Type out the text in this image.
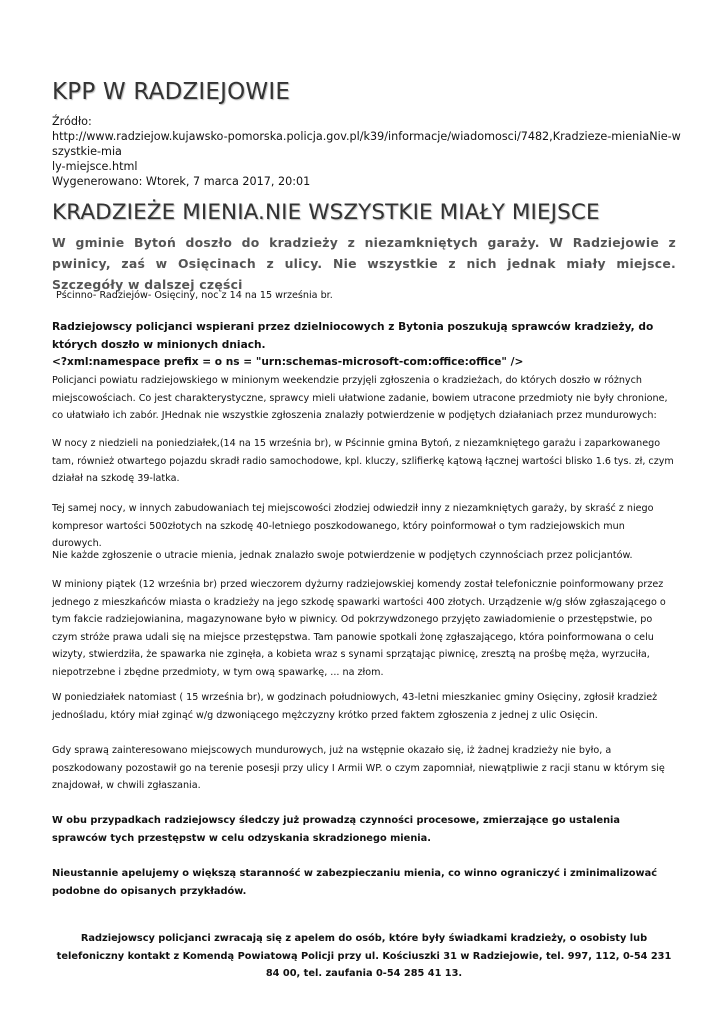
KPP W RADZIEJOWIE
Źródło:
http://www.radziejow.kujawsko-pomorska.policja.gov.pl/k39/informacje/wiadomosci/7482,Kradzieze-mieniaNie-wszystkie-mia
ly-miejsce.html
Wygenerowano: Wtorek, 7 marca 2017, 20:01
KRADZIEŻE MIENIA.NIE WSZYSTKIE MIAŁY MIEJSCE

W gminie Bytoń doszło do kradzieży z niezamkniętych garaży. W Radziejowie z pwinicy, zaś w Osięcinach z ulicy. Nie wszystkie z nich jednak miały miejsce. Szczegóły w dalszej części

Pścinno- Radziejów- Osięciny, noc z 14 na 15 września br.
Radziejowscy policjanci wspierani przez dzielniocowych z Bytonia poszukują sprawców kradzieży, do których doszło w minionych dniach.
<?xml:namespace prefix = o ns = "urn:schemas-microsoft-com:office:office" />

Policjanci powiatu radziejowskiego w minionym weekendzie przyjęli zgłoszenia o kradzieżach, do których doszło w różnych miejscowościach. Co jest charakterystyczne, sprawcy mieli ułatwione zadanie, bowiem utracone przedmioty nie były chronione, co ułatwiało ich zabór. JHednak nie wszystkie zgłoszenia znalazły potwierdzenie w podjętych działaniach przez mundurowych:

W nocy z niedzieli na poniedziałek,(14 na 15 września br), w Pścinnie gmina Bytoń, z niezamkniętego garażu i zaparkowanego tam, również otwartego pojazdu skradł radio samochodowe, kpl. kluczy, szlifierkę kątową łącznej wartości blisko 1.6 tys. zł, czym działał na szkodę 39-latka.

Tej samej nocy, w innych zabudowaniach tej miejscowości złodziej odwiedził inny z niezamkniętych garaży, by skraść z niego kompresor wartości 500złotych na szkodę 40-letniego poszkodowanego, który poinformował o tym radziejowskich mun durowych.

Nie każde zgłoszenie o utracie mienia, jednak znalazło swoje potwierdzenie w podjętych czynnościach przez policjantów.

W miniony piątek (12 września br) przed wieczorem dyżurny radziejowskiej komendy został telefonicznie poinformowany przez jednego z mieszkańców miasta o kradzieży na jego szkodę spawarki wartości 400 złotych. Urządzenie w/g słów zgłaszającego o tym fakcie radziejowianina, magazynowane było w piwnicy. Od pokrzywdzonego przyjęto zawiadomienie o przestępstwie, po czym stróże prawa udali się na miejsce przestępstwa. Tam panowie spotkali żonę zgłaszającego, która poinformowana o celu wizyty, stwierdziła, że spawarka nie zginęła, a kobieta wraz s synami sprzątając piwnicę, zresztą na prośbę męża, wyrzuciła, niepotrzebne i zbędne przedmioty, w tym ową spawarkę, ... na złom.

W poniedziałek natomiast ( 15 września br), w godzinach południowych, 43-letni mieszkaniec gminy Osięciny, zgłosił kradzież jednośladu, który miał zginąć w/g dzwoniącego mężczyzny krótko przed faktem zgłoszenia z jednej z ulic Osięcin.

Gdy sprawą zainteresowano miejscowych mundurowych, już na wstępnie okazało się, iż żadnej kradzieży nie było, a poszkodowany pozostawił go na terenie posesji przy ulicy I Armii WP. o czym zapomniał, niewątpliwie z racji stanu w którym się znajdował, w chwili zgłaszania.

W obu przypadkach radziejowscy śledczy już prowadzą czynności procesowe, zmierzające go ustalenia sprawców tych przestępstw w celu odzyskania skradzionego mienia.

Nieustannie apelujemy o większą staranność w zabezpieczaniu mienia, co winno ograniczyć i zminimalizować podobne do opisanych przykładów.

Radziejowscy policjanci zwracają się z apelem do osób, które były świadkami kradzieży, o osobisty lub telefoniczny kontakt z Komendą Powiatową Policji przy ul. Kościuszki 31 w Radziejowie, tel. 997, 112, 0-54 231 84 00, tel. zaufania 0-54 285 41 13.
